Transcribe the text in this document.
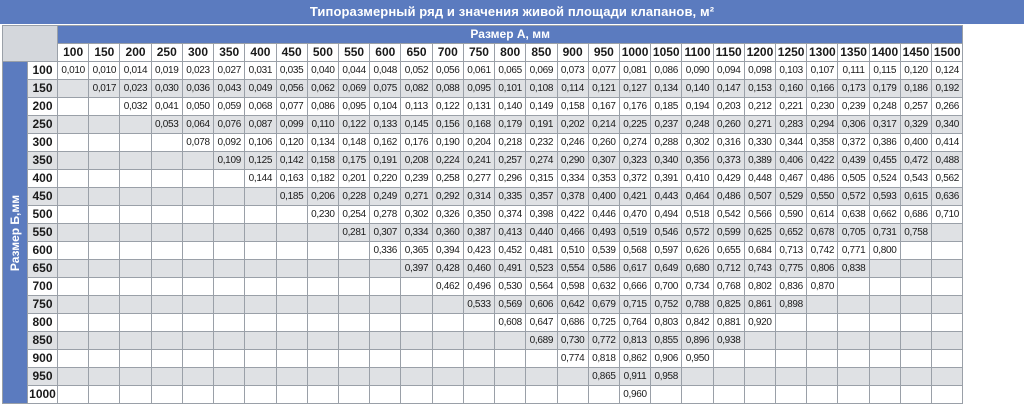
Типоразмерный ряд и значения живой площади клапанов, м²
		Размер А, мм																												
		100	150	200	250	300	350	400	450	500	550	600	650	700	750	800	850	900	950	1000	1050	1100	1150	1200	1250	1300	1350	1400	1450	1500

Размер Б,мм	100	0,010	0,010	0,014	0,019	0,023	0,027	0,031	0,035	0,040	0,044	0,048	0,052	0,056	0,061	0,065	0,069	0,073	0,077	0,081	0,086	0,090	0,094	0,098	0,103	0,107	0,111	0,115	0,120	0,124
	150		0,017	0,023	0,030	0,036	0,043	0,049	0,056	0,062	0,069	0,075	0,082	0,088	0,095	0,101	0,108	0,114	0,121	0,127	0,134	0,140	0,147	0,153	0,160	0,166	0,173	0,179	0,186	0,192
	200			0,032	0,041	0,050	0,059	0,068	0,077	0,086	0,095	0,104	0,113	0,122	0,131	0,140	0,149	0,158	0,167	0,176	0,185	0,194	0,203	0,212	0,221	0,230	0,239	0,248	0,257	0,266
	250				0,053	0,064	0,076	0,087	0,099	0,110	0,122	0,133	0,145	0,156	0,168	0,179	0,191	0,202	0,214	0,225	0,237	0,248	0,260	0,271	0,283	0,294	0,306	0,317	0,329	0,340
	300					0,078	0,092	0,106	0,120	0,134	0,148	0,162	0,176	0,190	0,204	0,218	0,232	0,246	0,260	0,274	0,288	0,302	0,316	0,330	0,344	0,358	0,372	0,386	0,400	0,414
	350						0,109	0,125	0,142	0,158	0,175	0,191	0,208	0,224	0,241	0,257	0,274	0,290	0,307	0,323	0,340	0,356	0,373	0,389	0,406	0,422	0,439	0,455	0,472	0,488
	400							0,144	0,163	0,182	0,201	0,220	0,239	0,258	0,277	0,296	0,315	0,334	0,353	0,372	0,391	0,410	0,429	0,448	0,467	0,486	0,505	0,524	0,543	0,562
	450								0,185	0,206	0,228	0,249	0,271	0,292	0,314	0,335	0,357	0,378	0,400	0,421	0,443	0,464	0,486	0,507	0,529	0,550	0,572	0,593	0,615	0,636
	500									0,230	0,254	0,278	0,302	0,326	0,350	0,374	0,398	0,422	0,446	0,470	0,494	0,518	0,542	0,566	0,590	0,614	0,638	0,662	0,686	0,710
	550										0,281	0,307	0,334	0,360	0,387	0,413	0,440	0,466	0,493	0,519	0,546	0,572	0,599	0,625	0,652	0,678	0,705	0,731	0,758	
	600											0,336	0,365	0,394	0,423	0,452	0,481	0,510	0,539	0,568	0,597	0,626	0,655	0,684	0,713	0,742	0,771	0,800		
	650												0,397	0,428	0,460	0,491	0,523	0,554	0,586	0,617	0,649	0,680	0,712	0,743	0,775	0,806	0,838			
	700													0,462	0,496	0,530	0,564	0,598	0,632	0,666	0,700	0,734	0,768	0,802	0,836	0,870				
	750														0,533	0,569	0,606	0,642	0,679	0,715	0,752	0,788	0,825	0,861	0,898					
	800															0,608	0,647	0,686	0,725	0,764	0,803	0,842	0,881	0,920						
	850																0,689	0,730	0,772	0,813	0,855	0,896	0,938							
	900																	0,774	0,818	0,862	0,906	0,950								
	950																		0,865	0,911	0,958									
	1000																			0,960										
